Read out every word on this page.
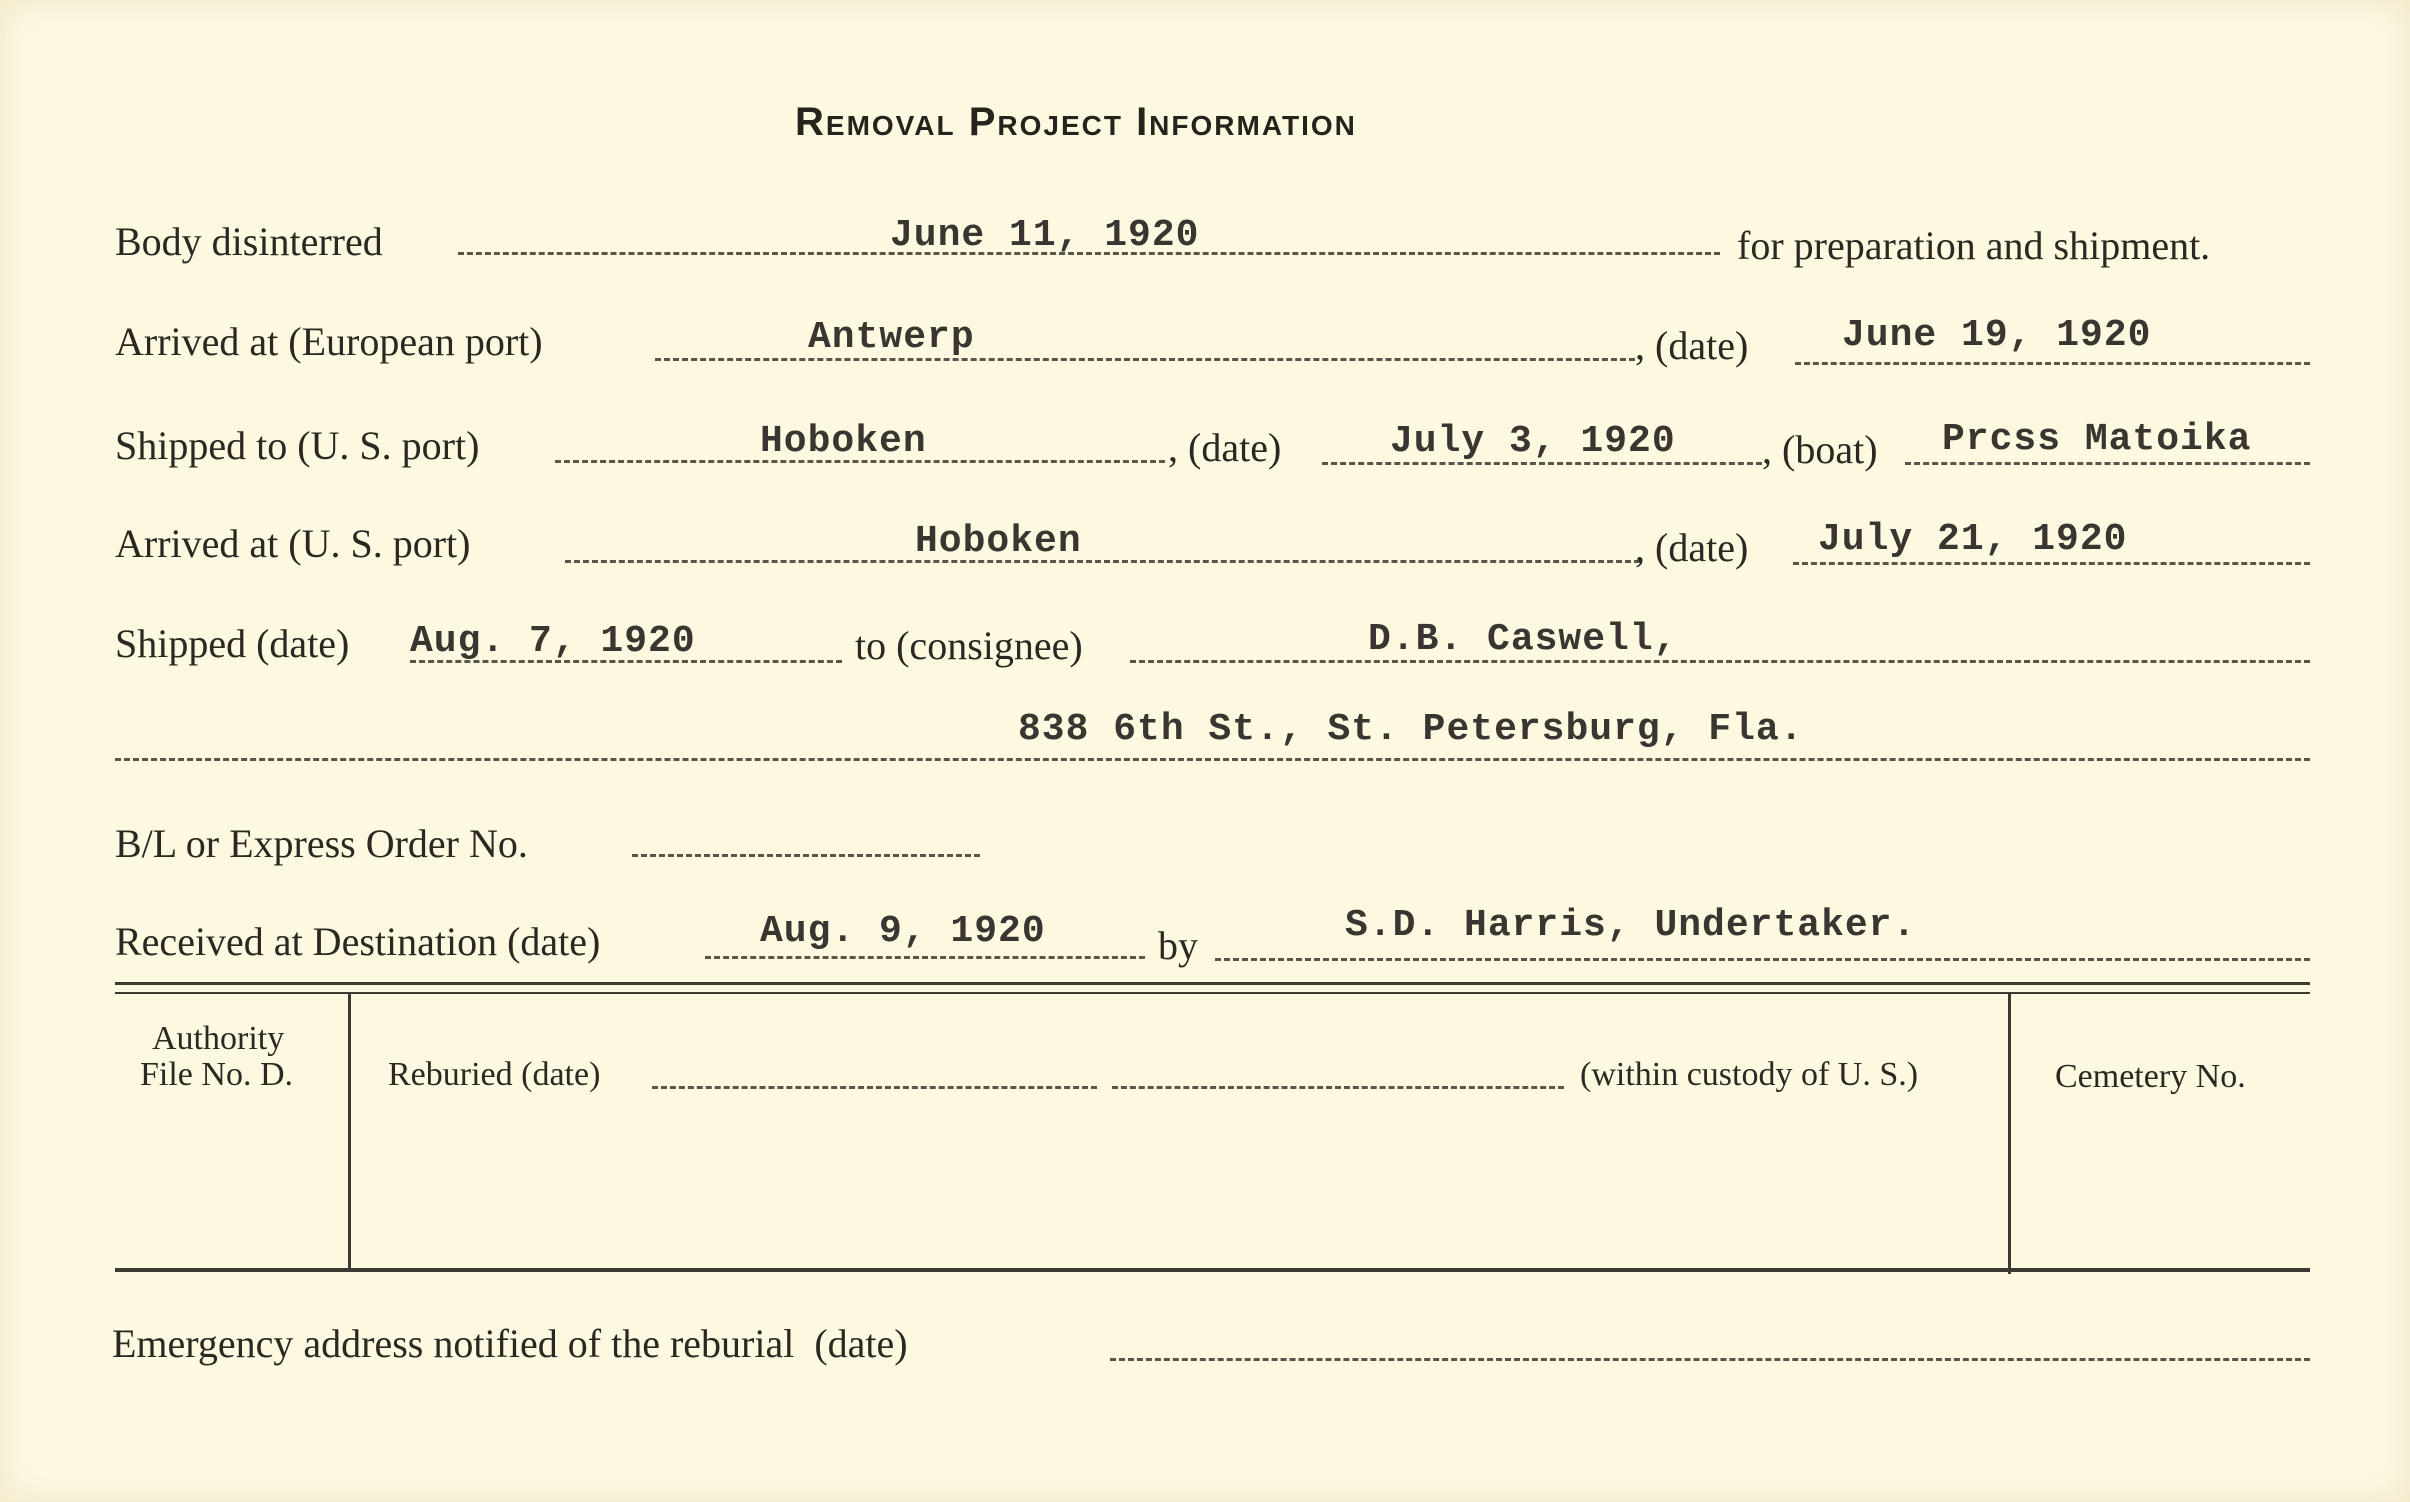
Removal Project Information
Body disinterred	June 11, 1920	for preparation and shipment.
Arrived at (European port)	Antwerp	, (date) June 19, 1920
Shipped to (U. S. port)	Hoboken	, (date)	July 3, 1920 , (boat) Prcss Matoika
Arrived at (U. S. port)	Hoboken	, (date) July 21, 1920
Shipped (date) Aug. 7, 1920	to (consignee)	D.B. Caswell,
838 6th St., St. Petersburg, Fla.
B/L or Express Order No.
Received at Destination (date)	Aug. 9, 1920	by	S.D. Harris, Undertaker.
Authority
File No. D.	Reburied (date)	(within custody of U. S.)	Cemetery No.
Emergency address notified of the reburial  (date)
